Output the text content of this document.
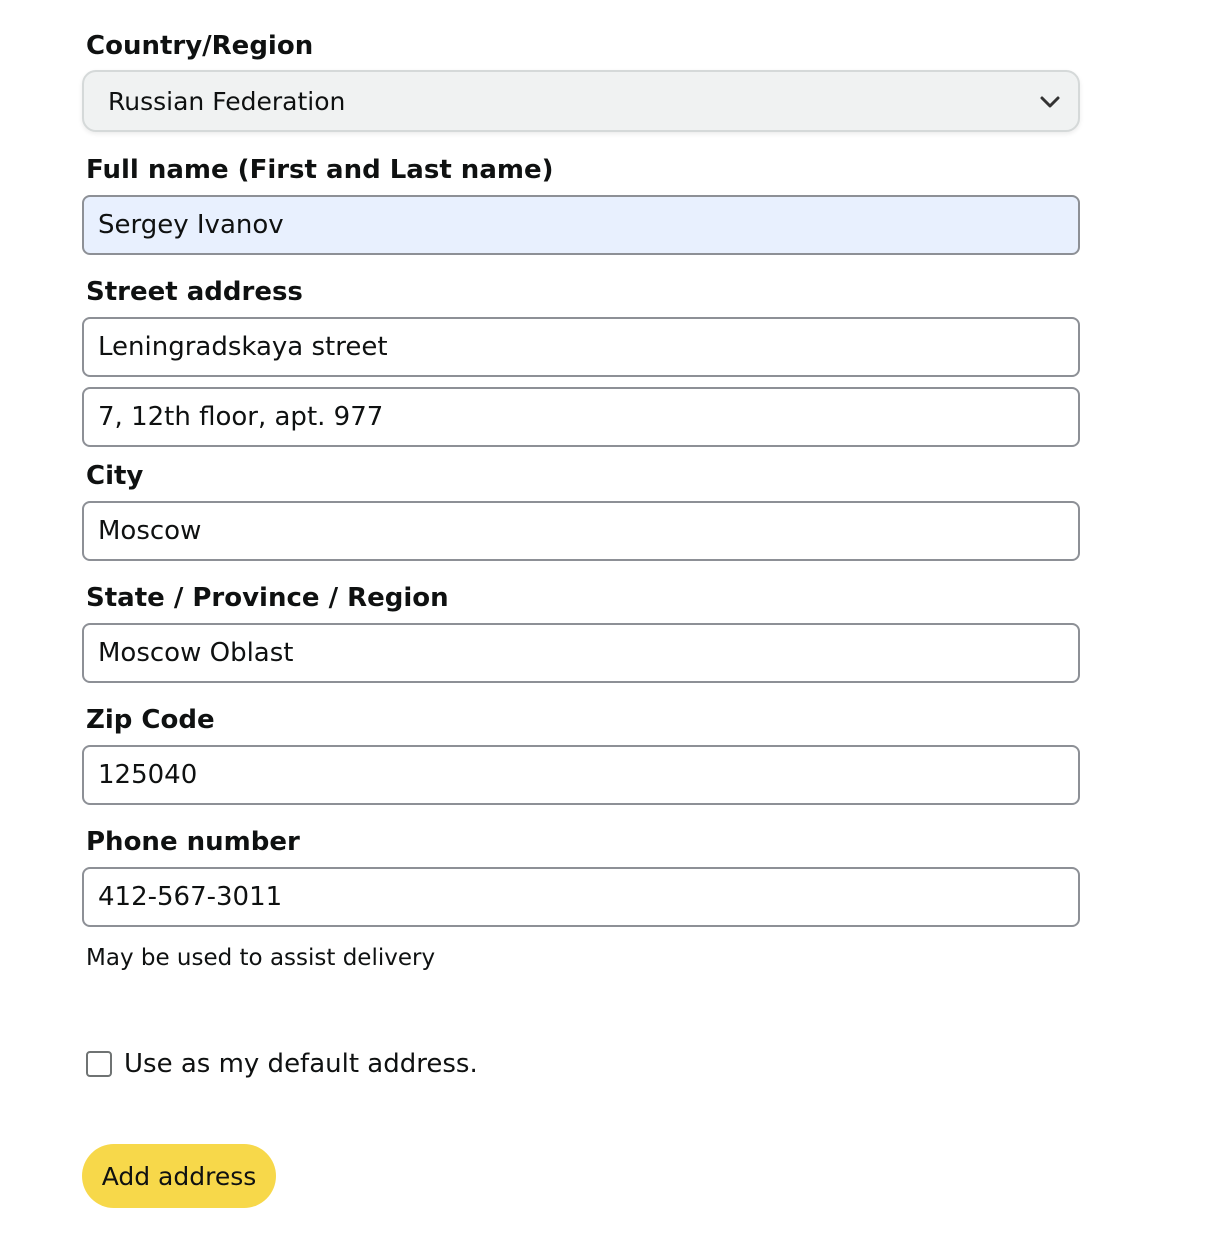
Country/Region
Russian Federation
Full name (First and Last name)
Sergey Ivanov
Street address
Leningradskaya street
7, 12th floor, apt. 977
City
Moscow
State / Province / Region
Moscow Oblast
Zip Code
125040
Phone number
412-567-3011
May be used to assist delivery
Use as my default address.
Add address
